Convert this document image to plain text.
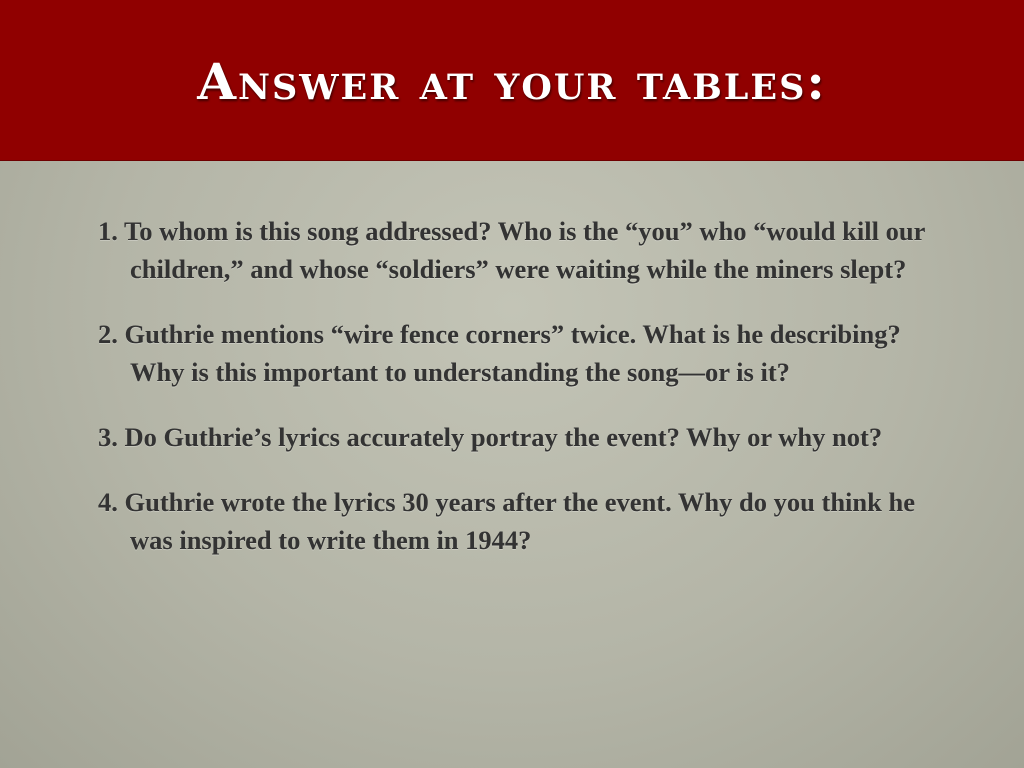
Answer at your tables:
1. To whom is this song addressed? Who is the “you” who “would kill our children,” and whose “soldiers” were waiting while the miners slept?
2. Guthrie mentions “wire fence corners” twice. What is he describing? Why is this important to understanding the song—or is it?
3. Do Guthrie’s lyrics accurately portray the event? Why or why not?
4. Guthrie wrote the lyrics 30 years after the event. Why do you think he was inspired to write them in 1944?
